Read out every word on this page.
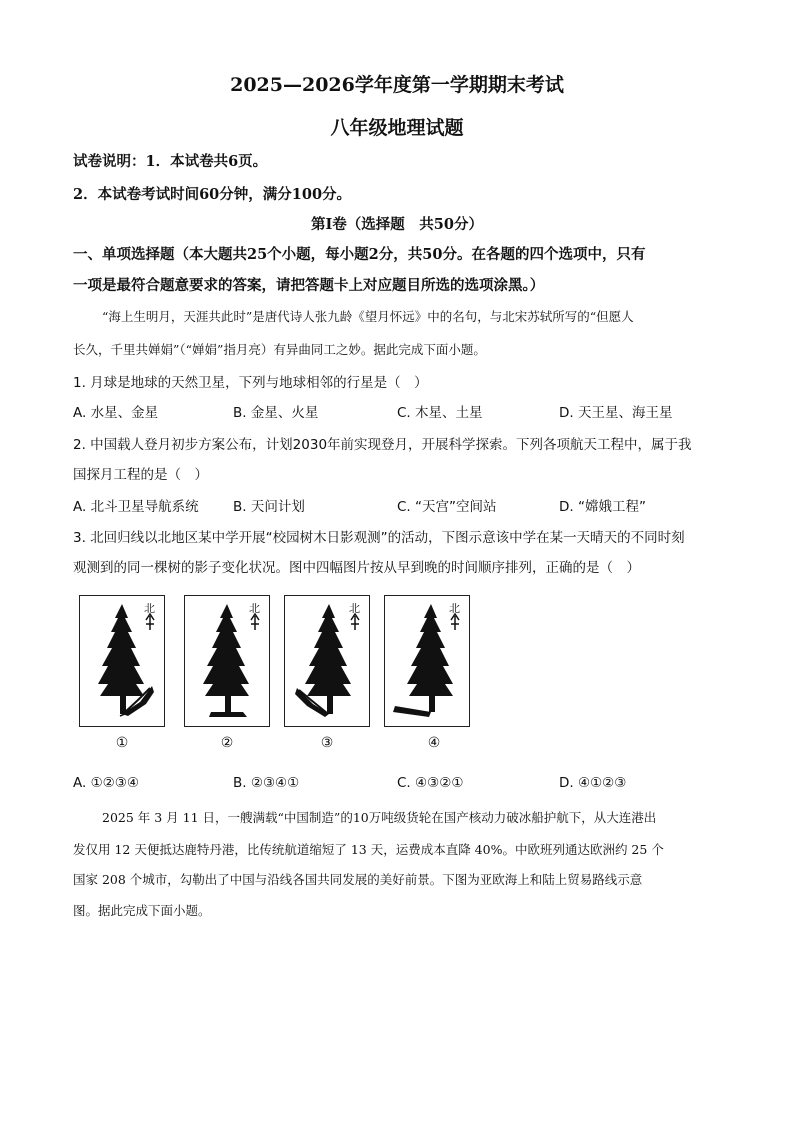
2025—2026学年度第一学期期末考试
八年级地理试题
试卷说明：1．本试卷共6页。
2．本试卷考试时间60分钟，满分100分。
第Ⅰ卷（选择题　共50分）
一、单项选择题（本大题共25个小题，每小题2分，共50分。在各题的四个选项中，只有
一项是最符合题意要求的答案，请把答题卡上对应题目所选的选项涂黑。）
“海上生明月，天涯共此时”是唐代诗人张九龄《望月怀远》中的名句，与北宋苏轼所写的“但愿人
长久，千里共婵娟”（“婵娟”指月亮）有异曲同工之妙。据此完成下面小题。
1. 月球是地球的天然卫星，下列与地球相邻的行星是（　）
A. 水星、金星	B. 金星、火星	C. 木星、土星	D. 天王星、海王星
2. 中国载人登月初步方案公布，计划2030年前实现登月，开展科学探索。下列各项航天工程中，属于我
国探月工程的是（　）
A. 北斗卫星导航系统	B. 天问计划	C. “天宫”空间站	D. “嫦娥工程”
3. 北回归线以北地区某中学开展“校园树木日影观测”的活动，下图示意该中学在某一天晴天的不同时刻
观测到的同一棵树的影子变化状况。图中四幅图片按从早到晚的时间顺序排列，正确的是（　）
北	北	北	北
①	②	③	④
A. ①②③④	B. ②③④①	C. ④③②①	D. ④①②③
2025 年 3 月 11 日，一艘满载“中国制造”的10万吨级货轮在国产核动力破冰船护航下，从大连港出
发仅用 12 天便抵达鹿特丹港，比传统航道缩短了 13 天，运费成本直降 40%。中欧班列通达欧洲约 25 个
国家 208 个城市，勾勒出了中国与沿线各国共同发展的美好前景。下图为亚欧海上和陆上贸易路线示意
图。据此完成下面小题。
